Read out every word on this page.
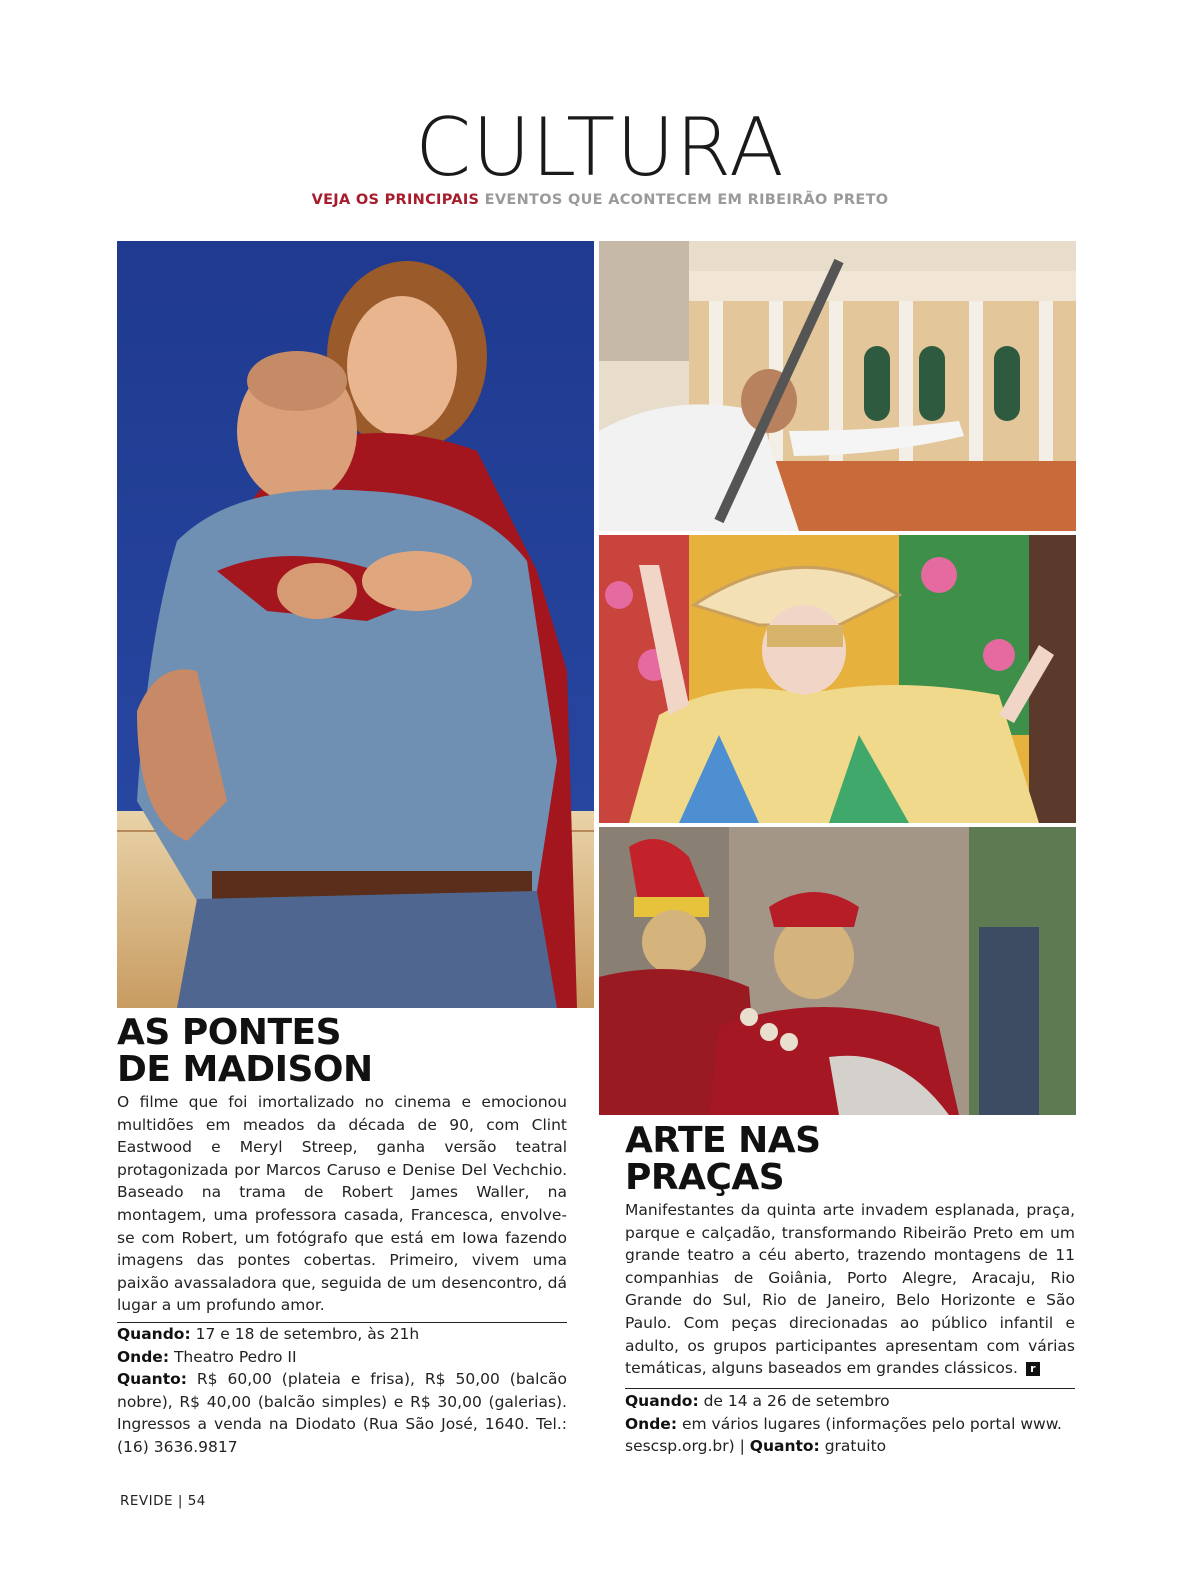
CULTURA
VEJA OS PRINCIPAIS EVENTOS QUE ACONTECEM EM RIBEIRÃO PRETO
AS PONTES
DE MADISON
O filme que foi imortalizado no cinema e emocionou multidões em meados da década de 90, com Clint Eastwood e Meryl Streep, ganha versão teatral protagonizada por Marcos Caruso e Denise Del Vechchio. Baseado na trama de Robert James Waller, na montagem, uma professora casada, Francesca, envolve-se com Robert, um fotógrafo que está em Iowa fazendo imagens das pontes cobertas. Primeiro, vivem uma paixão avassaladora que, seguida de um desencontro, dá lugar a um profundo amor.
Quando: 17 e 18 de setembro, às 21h
Onde: Theatro Pedro II
Quanto: R$ 60,00 (plateia e frisa), R$ 50,00 (balcão nobre), R$ 40,00 (balcão simples) e R$ 30,00 (galerias). Ingressos a venda na Diodato (Rua São José, 1640. Tel.: (16) 3636.9817
ARTE NAS
PRAÇAS
Manifestantes da quinta arte invadem esplanada, praça, parque e calçadão, transformando Ribeirão Preto em um grande teatro a céu aberto, trazendo montagens de 11 companhias de Goiânia, Porto Alegre, Aracaju, Rio Grande do Sul, Rio de Janeiro, Belo Horizonte e São Paulo. Com peças direcionadas ao público infantil e adulto, os grupos participantes apresentam com várias temáticas, alguns baseados em grandes clássicos. r
Quando: de 14 a 26 de setembro
Onde: em vários lugares (informações pelo portal www. sescsp.org.br) | Quanto: gratuito
REVIDE | 54
